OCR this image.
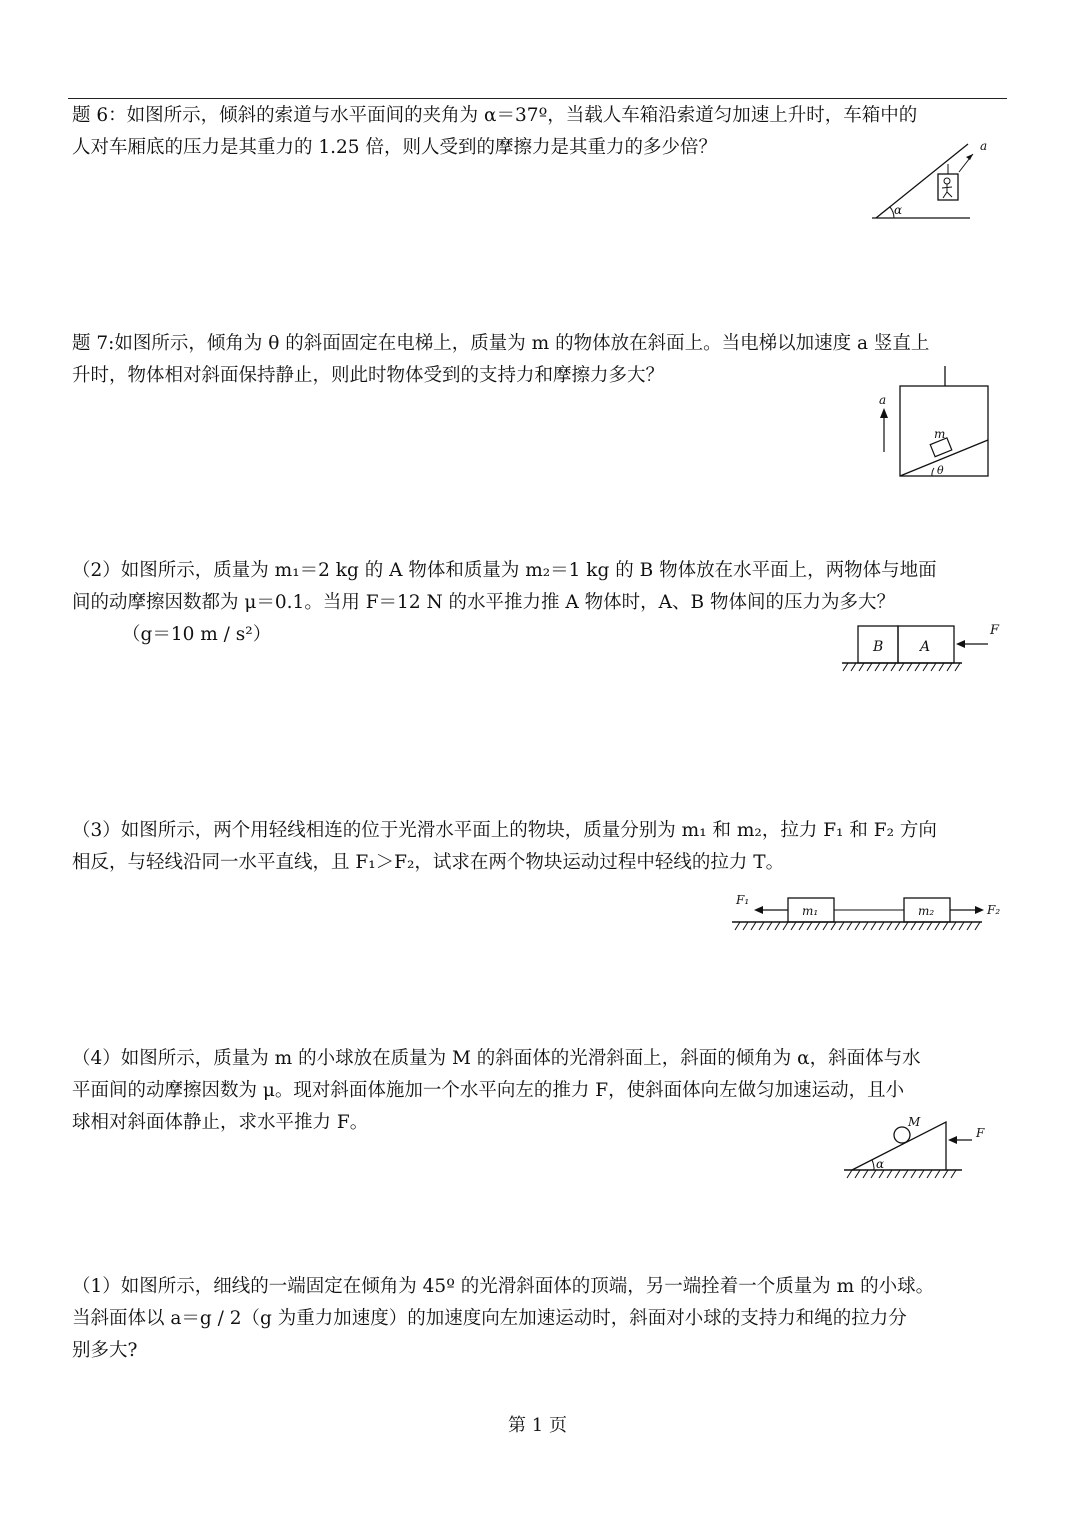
题 6：如图所示，倾斜的索道与水平面间的夹角为 α＝37º，当载人车箱沿索道匀加速上升时，车箱中的
人对车厢底的压力是其重力的 1.25 倍，则人受到的摩擦力是其重力的多少倍？

α
a

题 7:如图所示，倾角为 θ 的斜面固定在电梯上，质量为 m 的物体放在斜面上。当电梯以加速度 a 竖直上
升时，物体相对斜面保持静止，则此时物体受到的支持力和摩擦力多大？

m
θ
a

（2）如图所示，质量为 m₁＝2 kg 的 A 物体和质量为 m₂＝1 kg 的 B 物体放在水平面上，两物体与地面
间的动摩擦因数都为 μ＝0.1。当用 F＝12 N 的水平推力推 A 物体时，A、B 物体间的压力为多大？
（g＝10 m / s²）

B	A
F

（3）如图所示，两个用轻线相连的位于光滑水平面上的物块，质量分别为 m₁ 和 m₂，拉力 F₁ 和 F₂ 方向
相反，与轻线沿同一水平直线，且 F₁＞F₂，试求在两个物块运动过程中轻线的拉力 T。

m₁	m₂
F₁
F₂

（4）如图所示，质量为 m 的小球放在质量为 M 的斜面体的光滑斜面上，斜面的倾角为 α，斜面体与水
平面间的动摩擦因数为 μ。现对斜面体施加一个水平向左的推力 F，使斜面体向左做匀加速运动，且小
球相对斜面体静止，求水平推力 F。	M
α
F

（1）如图所示，细线的一端固定在倾角为 45º 的光滑斜面体的顶端，另一端拴着一个质量为 m 的小球。
当斜面体以 a＝g / 2（g 为重力加速度）的加速度向左加速运动时，斜面对小球的支持力和绳的拉力分
别多大?

第 1 页
